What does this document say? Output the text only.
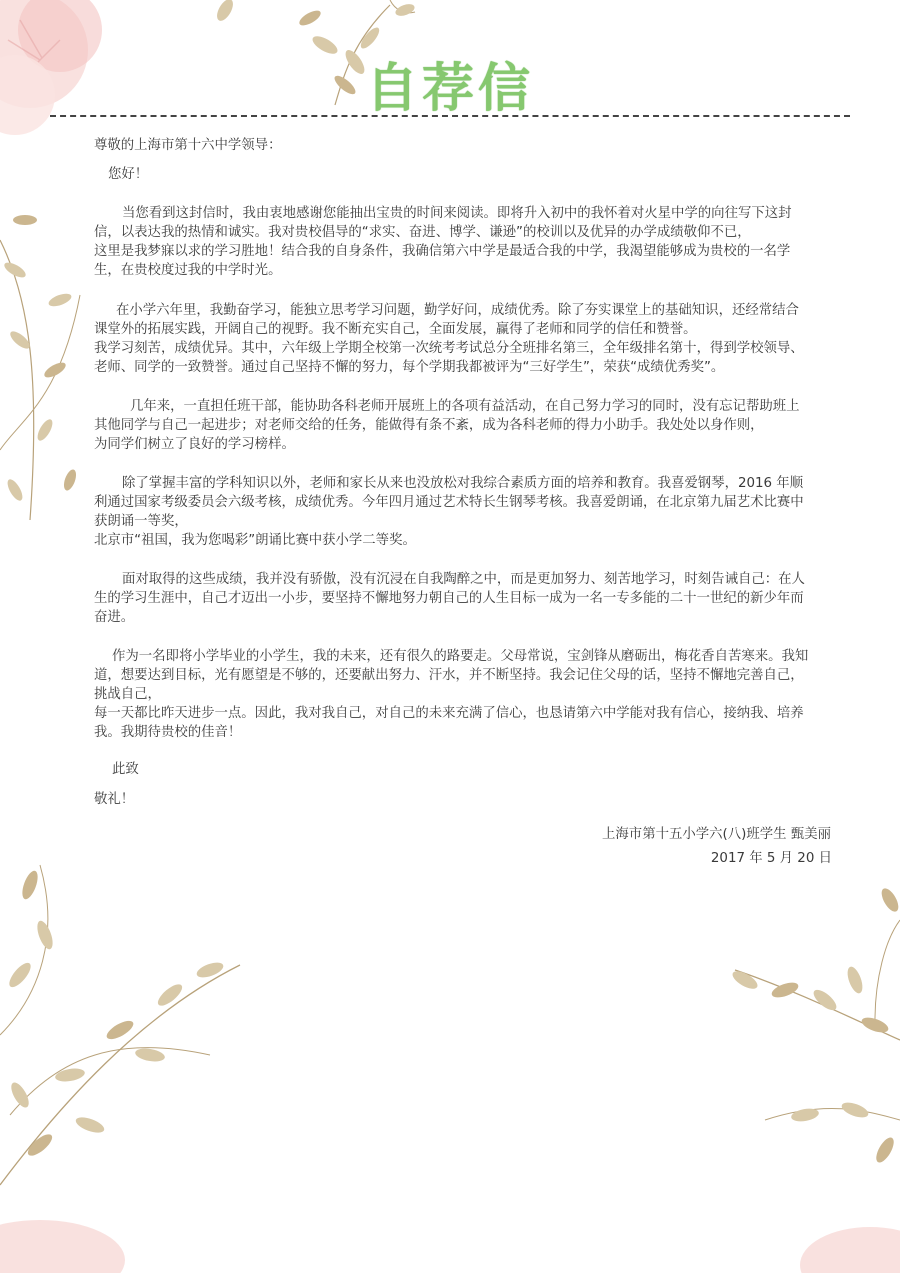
自荐信

尊敬的上海市第十六中学领导：

您好！

当您看到这封信时，我由衷地感谢您能抽出宝贵的时间来阅读。即将升入初中的我怀着对火星中学的向往写下这封信，以表达我的热情和诚实。我对贵校倡导的“求实、奋进、博学、谦逊”的校训以及优异的办学成绩敬仰不已，

这里是我梦寐以求的学习胜地！结合我的自身条件，我确信第六中学是最适合我的中学，我渴望能够成为贵校的一名学生，在贵校度过我的中学时光。

在小学六年里，我勤奋学习，能独立思考学习问题，勤学好问，成绩优秀。除了夯实课堂上的基础知识，还经常结合课堂外的拓展实践，开阔自己的视野。我不断充实自己，全面发展，赢得了老师和同学的信任和赞誉。

我学习刻苦，成绩优异。其中，六年级上学期全校第一次统考考试总分全班排名第三，全年级排名第十，得到学校领导、老师、同学的一致赞誉。通过自己坚持不懈的努力，每个学期我都被评为“三好学生”，荣获“成绩优秀奖”。

几年来，一直担任班干部，能协助各科老师开展班上的各项有益活动，在自己努力学习的同时，没有忘记帮助班上其他同学与自己一起进步；对老师交给的任务，能做得有条不紊，成为各科老师的得力小助手。我处处以身作则，

为同学们树立了良好的学习榜样。

除了掌握丰富的学科知识以外，老师和家长从来也没放松对我综合素质方面的培养和教育。我喜爱钢琴，2016 年顺利通过国家考级委员会六级考核，成绩优秀。今年四月通过艺术特长生钢琴考核。我喜爱朗诵，在北京第九届艺术比赛中获朗诵一等奖，

北京市“祖国，我为您喝彩”朗诵比赛中获小学二等奖。

面对取得的这些成绩，我并没有骄傲，没有沉浸在自我陶醉之中，而是更加努力、刻苦地学习，时刻告诫自己：在人生的学习生涯中，自己才迈出一小步，要坚持不懈地努力朝自己的人生目标一成为一名一专多能的二十一世纪的新少年而奋进。

作为一名即将小学毕业的小学生，我的未来，还有很久的路要走。父母常说，宝剑锋从磨砺出，梅花香自苦寒来。我知道，想要达到目标，光有愿望是不够的，还要献出努力、汗水，并不断坚持。我会记住父母的话，坚持不懈地完善自己，挑战自己，

每一天都比昨天进步一点。因此，我对我自己，对自己的未来充满了信心，也恳请第六中学能对我有信心，接纳我、培养我。我期待贵校的佳音！

此致

敬礼！

上海市第十五小学六(八)班学生 甄美丽
2017 年 5 月 20 日
